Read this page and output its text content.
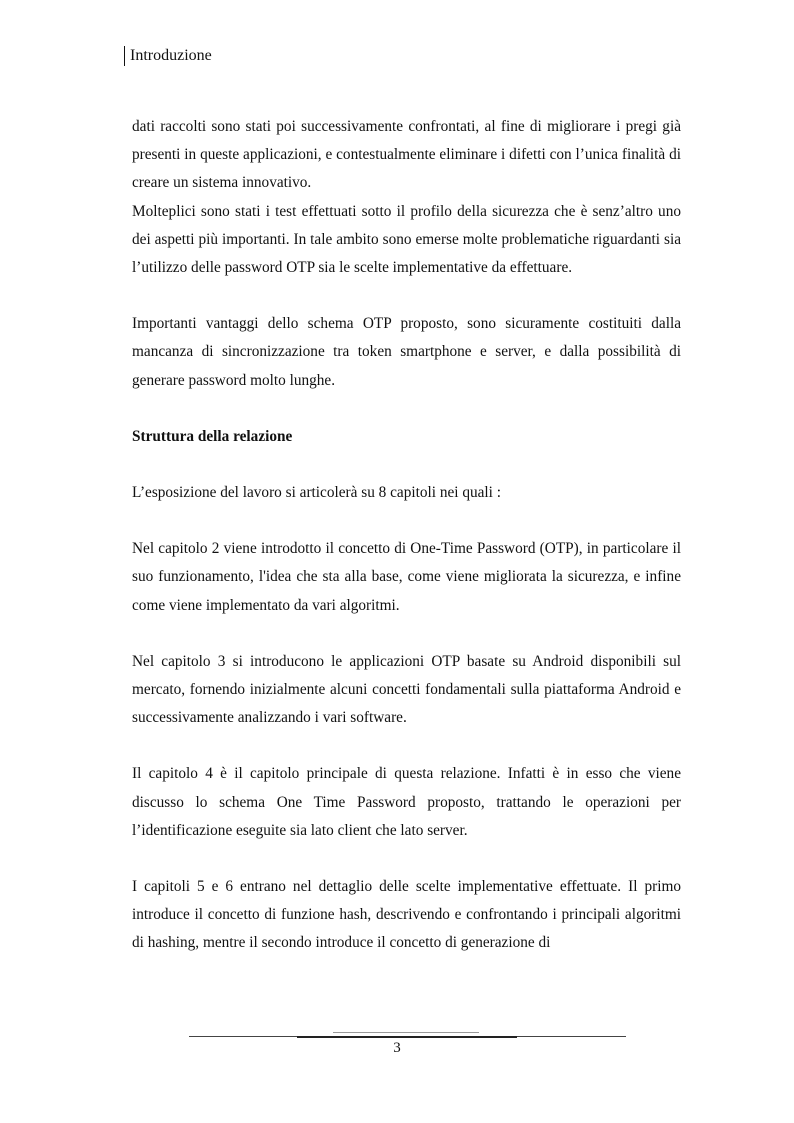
Introduzione

dati raccolti sono stati poi successivamente confrontati, al fine di migliorare i pregi già presenti in queste applicazioni, e contestualmente eliminare i difetti con l’unica finalità di creare un sistema innovativo.

Molteplici sono stati i test effettuati sotto il profilo della sicurezza che è senz’altro uno dei aspetti più importanti. In tale ambito sono emerse molte problematiche riguardanti sia l’utilizzo delle password OTP sia le scelte implementative da effettuare.

Importanti vantaggi dello schema OTP proposto, sono sicuramente costituiti dalla mancanza di sincronizzazione tra token smartphone e server, e dalla possibilità di generare password molto lunghe.

Struttura della relazione

L’esposizione del lavoro si articolerà su 8 capitoli nei quali :

Nel capitolo 2 viene introdotto il concetto di One-Time Password (OTP), in particolare il suo funzionamento, l'idea che sta alla base, come viene migliorata la sicurezza, e infine come viene implementato da vari algoritmi.

Nel capitolo 3 si introducono le applicazioni OTP basate su Android disponibili sul mercato, fornendo inizialmente alcuni concetti fondamentali sulla piattaforma Android e successivamente analizzando i vari software.

Il capitolo 4 è il capitolo principale di questa relazione. Infatti è in esso che viene discusso lo schema One Time Password proposto, trattando le operazioni per l’identificazione eseguite sia lato client che lato server.

I capitoli 5 e 6 entrano nel dettaglio delle scelte implementative effettuate. Il primo introduce il concetto di funzione hash, descrivendo e confrontando i principali algoritmi di hashing, mentre il secondo introduce il concetto di generazione di

3
